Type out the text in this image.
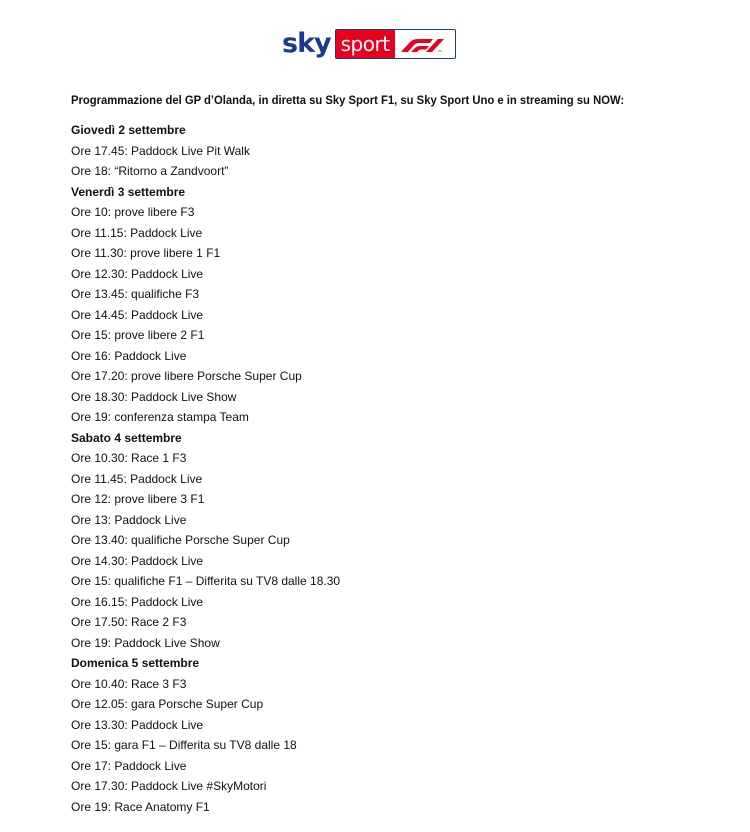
sky sport
Programmazione del GP d’Olanda, in diretta su Sky Sport F1, su Sky Sport Uno e in streaming su NOW:
Giovedì 2 settembre
Ore 17.45: Paddock Live Pit Walk
Ore 18: “Ritorno a Zandvoort”
Venerdì 3 settembre
Ore 10: prove libere F3
Ore 11.15: Paddock Live
Ore 11.30: prove libere 1 F1
Ore 12.30: Paddock Live
Ore 13.45: qualifiche F3
Ore 14.45: Paddock Live
Ore 15: prove libere 2 F1
Ore 16: Paddock Live
Ore 17.20: prove libere Porsche Super Cup
Ore 18.30: Paddock Live Show
Ore 19: conferenza stampa Team
Sabato 4 settembre
Ore 10.30: Race 1 F3
Ore 11.45: Paddock Live
Ore 12: prove libere 3 F1
Ore 13: Paddock Live
Ore 13.40: qualifiche Porsche Super Cup
Ore 14.30: Paddock Live
Ore 15: qualifiche F1 – Differita su TV8 dalle 18.30
Ore 16.15: Paddock Live
Ore 17.50: Race 2 F3
Ore 19: Paddock Live Show
Domenica 5 settembre
Ore 10.40: Race 3 F3
Ore 12.05: gara Porsche Super Cup
Ore 13.30: Paddock Live
Ore 15: gara F1 – Differita su TV8 dalle 18
Ore 17: Paddock Live
Ore 17.30: Paddock Live #SkyMotori
Ore 19: Race Anatomy F1
